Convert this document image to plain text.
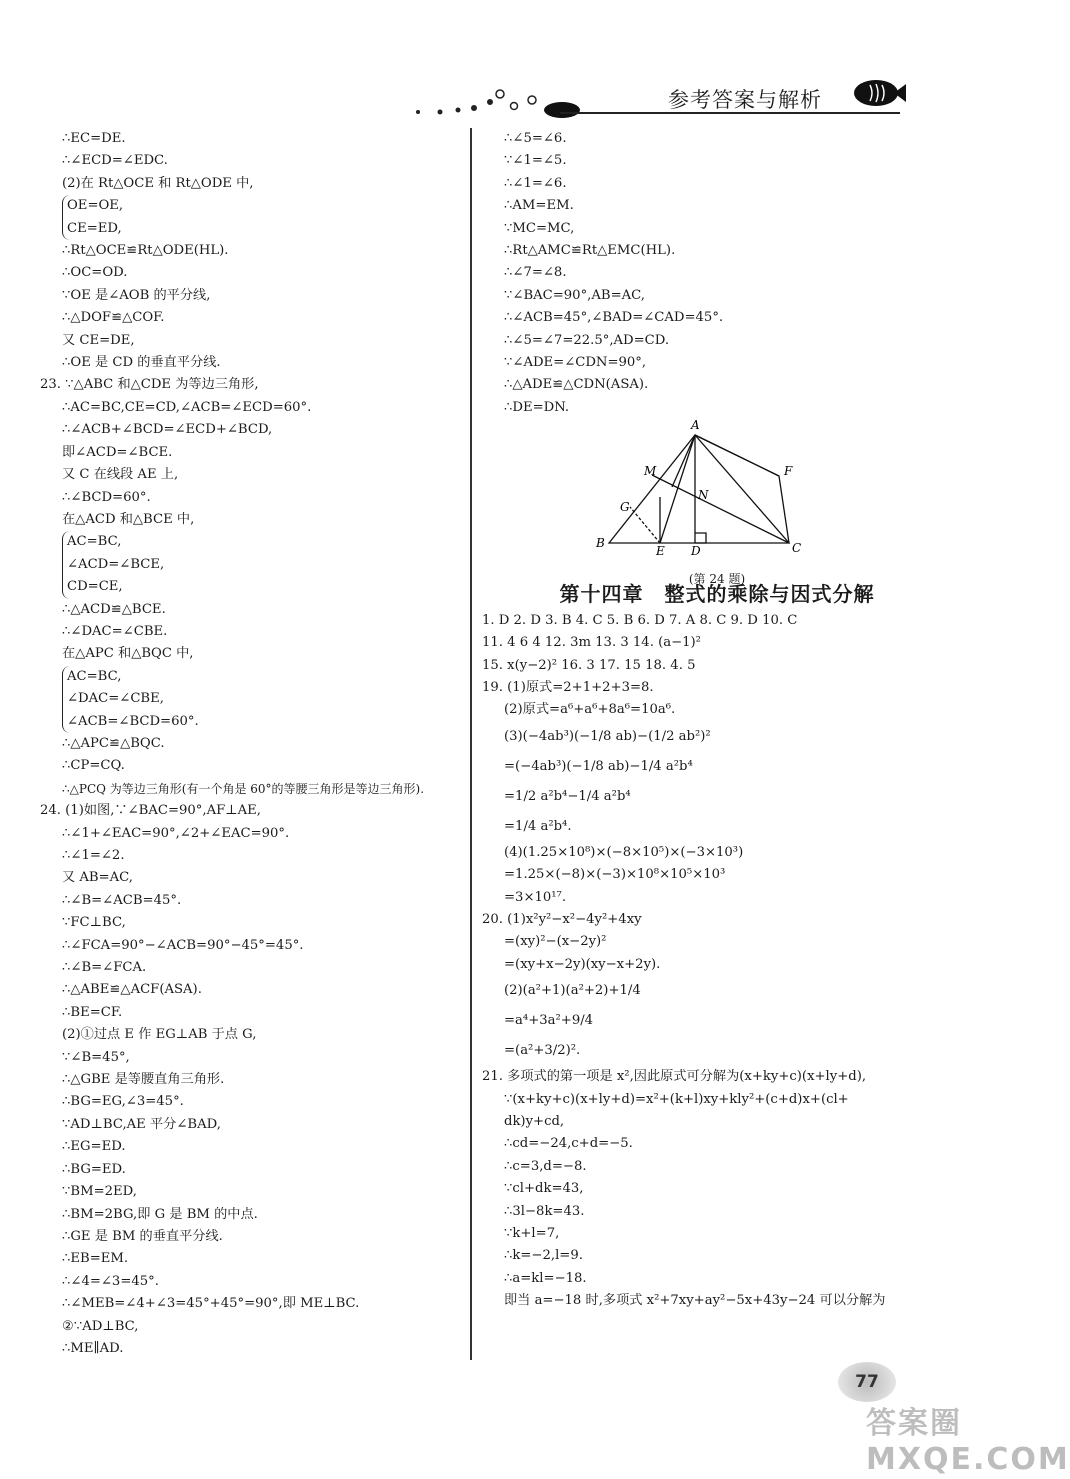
参考答案与解析
∴EC=DE.
∴∠ECD=∠EDC.
(2)在 Rt△OCE 和 Rt△ODE 中,
OE=OE,
CE=ED,
∴Rt△OCE≌Rt△ODE(HL).
∴OC=OD.
∵OE 是∠AOB 的平分线,
∴△DOF≌△COF.
又 CE=DE,
∴OE 是 CD 的垂直平分线.
23. ∵△ABC 和△CDE 为等边三角形,
∴AC=BC,CE=CD,∠ACB=∠ECD=60°.
∴∠ACB+∠BCD=∠ECD+∠BCD,
即∠ACD=∠BCE.
又 C 在线段 AE 上,
∴∠BCD=60°.
在△ACD 和△BCE 中,
AC=BC,
∠ACD=∠BCE,
CD=CE,
∴△ACD≌△BCE.
∴∠DAC=∠CBE.
在△APC 和△BQC 中,
AC=BC,
∠DAC=∠CBE,
∠ACB=∠BCD=60°.
∴△APC≌△BQC.
∴CP=CQ.
∴△PCQ 为等边三角形(有一个角是 60°的等腰三角形是等边三角形).
24. (1)如图,∵∠BAC=90°,AF⊥AE,
∴∠1+∠EAC=90°,∠2+∠EAC=90°.
∴∠1=∠2.
又 AB=AC,
∴∠B=∠ACB=45°.
∵FC⊥BC,
∴∠FCA=90°−∠ACB=90°−45°=45°.
∴∠B=∠FCA.
∴△ABE≌△ACF(ASA).
∴BE=CF.
(2)①过点 E 作 EG⊥AB 于点 G,
∵∠B=45°,
∴△GBE 是等腰直角三角形.
∴BG=EG,∠3=45°.
∵AD⊥BC,AE 平分∠BAD,
∴EG=ED.
∴BG=ED.
∵BM=2ED,
∴BM=2BG,即 G 是 BM 的中点.
∴GE 是 BM 的垂直平分线.
∴EB=EM.
∴∠4=∠3=45°.
∴∠MEB=∠4+∠3=45°+45°=90°,即 ME⊥BC.
②∵AD⊥BC,
∴ME∥AD.
∴∠5=∠6.
∵∠1=∠5.
∴∠1=∠6.
∴AM=EM.
∵MC=MC,
∴Rt△AMC≌Rt△EMC(HL).
∴∠7=∠8.
∵∠BAC=90°,AB=AC,
∴∠ACB=45°,∠BAD=∠CAD=45°.
∴∠5=∠7=22.5°,AD=CD.
∵∠ADE=∠CDN=90°,
∴△ADE≌△CDN(ASA).
∴DE=DN.
A
B	C
D
E
F
G
M
N
(第 24 题)
第十四章　整式的乘除与因式分解
1. D 2. D 3. B 4. C 5. B 6. D 7. A 8. C 9. D 10. C
11. 4 6 4 12. 3m 13. 3 14. (a−1)²
15. x(y−2)² 16. 3 17. 15 18. 4. 5
19. (1)原式=2+1+2+3=8.
(2)原式=a⁶+a⁶+8a⁶=10a⁶.
(3)(−4ab³)(−1/8 ab)−(1/2 ab²)²
=(−4ab³)(−1/8 ab)−1/4 a²b⁴
=1/2 a²b⁴−1/4 a²b⁴
=1/4 a²b⁴.
(4)(1.25×10⁸)×(−8×10⁵)×(−3×10³)
=1.25×(−8)×(−3)×10⁸×10⁵×10³
=3×10¹⁷.
20. (1)x²y²−x²−4y²+4xy
=(xy)²−(x−2y)²
=(xy+x−2y)(xy−x+2y).
(2)(a²+1)(a²+2)+1/4
=a⁴+3a²+9/4
=(a²+3/2)².
21. 多项式的第一项是 x²,因此原式可分解为(x+ky+c)(x+ly+d),
∵(x+ky+c)(x+ly+d)=x²+(k+l)xy+kly²+(c+d)x+(cl+
dk)y+cd,
∴cd=−24,c+d=−5.
∴c=3,d=−8.
∵cl+dk=43,
∴3l−8k=43.
∵k+l=7,
∴k=−2,l=9.
∴a=kl=−18.
即当 a=−18 时,多项式 x²+7xy+ay²−5x+43y−24 可以分解为
77
答案圈 MXQE.COM
